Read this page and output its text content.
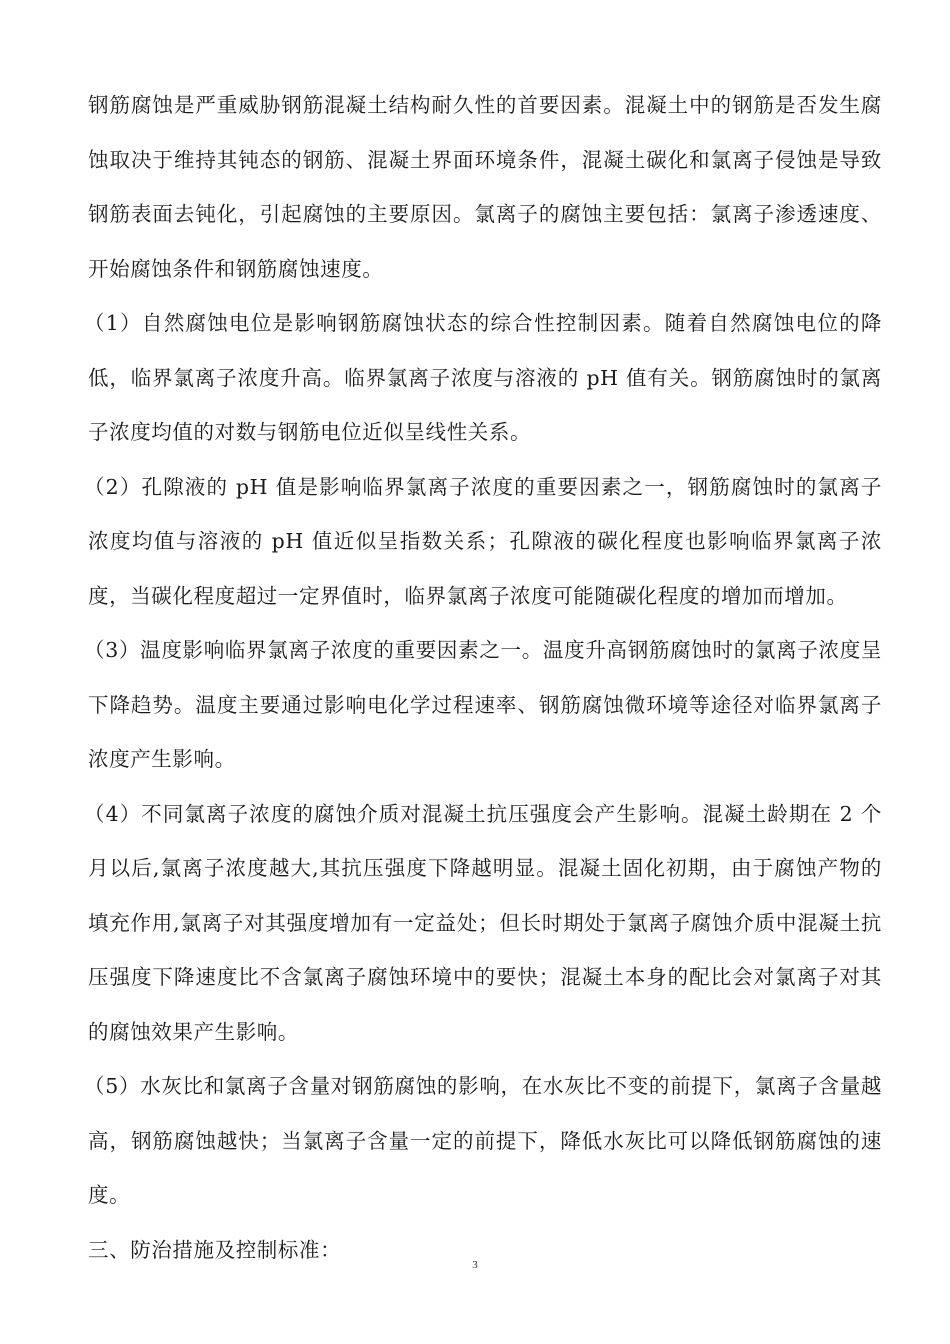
钢筋腐蚀是严重威胁钢筋混凝土结构耐久性的首要因素。混凝土中的钢筋是否发生腐蚀取决于维持其钝态的钢筋、混凝土界面环境条件，混凝土碳化和氯离子侵蚀是导致钢筋表面去钝化，引起腐蚀的主要原因。氯离子的腐蚀主要包括：氯离子渗透速度、开始腐蚀条件和钢筋腐蚀速度。

（1）自然腐蚀电位是影响钢筋腐蚀状态的综合性控制因素。随着自然腐蚀电位的降低，临界氯离子浓度升高。临界氯离子浓度与溶液的 pH 值有关。钢筋腐蚀时的氯离子浓度均值的对数与钢筋电位近似呈线性关系。

（2）孔隙液的 pH 值是影响临界氯离子浓度的重要因素之一，钢筋腐蚀时的氯离子浓度均值与溶液的 pH 值近似呈指数关系；孔隙液的碳化程度也影响临界氯离子浓度，当碳化程度超过一定界值时，临界氯离子浓度可能随碳化程度的增加而增加。

（3）温度影响临界氯离子浓度的重要因素之一。温度升高钢筋腐蚀时的氯离子浓度呈下降趋势。温度主要通过影响电化学过程速率、钢筋腐蚀微环境等途径对临界氯离子浓度产生影响。

（4）不同氯离子浓度的腐蚀介质对混凝土抗压强度会产生影响。混凝土龄期在 2 个月以后,氯离子浓度越大,其抗压强度下降越明显。混凝土固化初期，由于腐蚀产物的填充作用,氯离子对其强度增加有一定益处；但长时期处于氯离子腐蚀介质中混凝土抗压强度下降速度比不含氯离子腐蚀环境中的要快；混凝土本身的配比会对氯离子对其的腐蚀效果产生影响。

（5）水灰比和氯离子含量对钢筋腐蚀的影响，在水灰比不变的前提下，氯离子含量越高，钢筋腐蚀越快；当氯离子含量一定的前提下，降低水灰比可以降低钢筋腐蚀的速度。

三、防治措施及控制标准：

3
